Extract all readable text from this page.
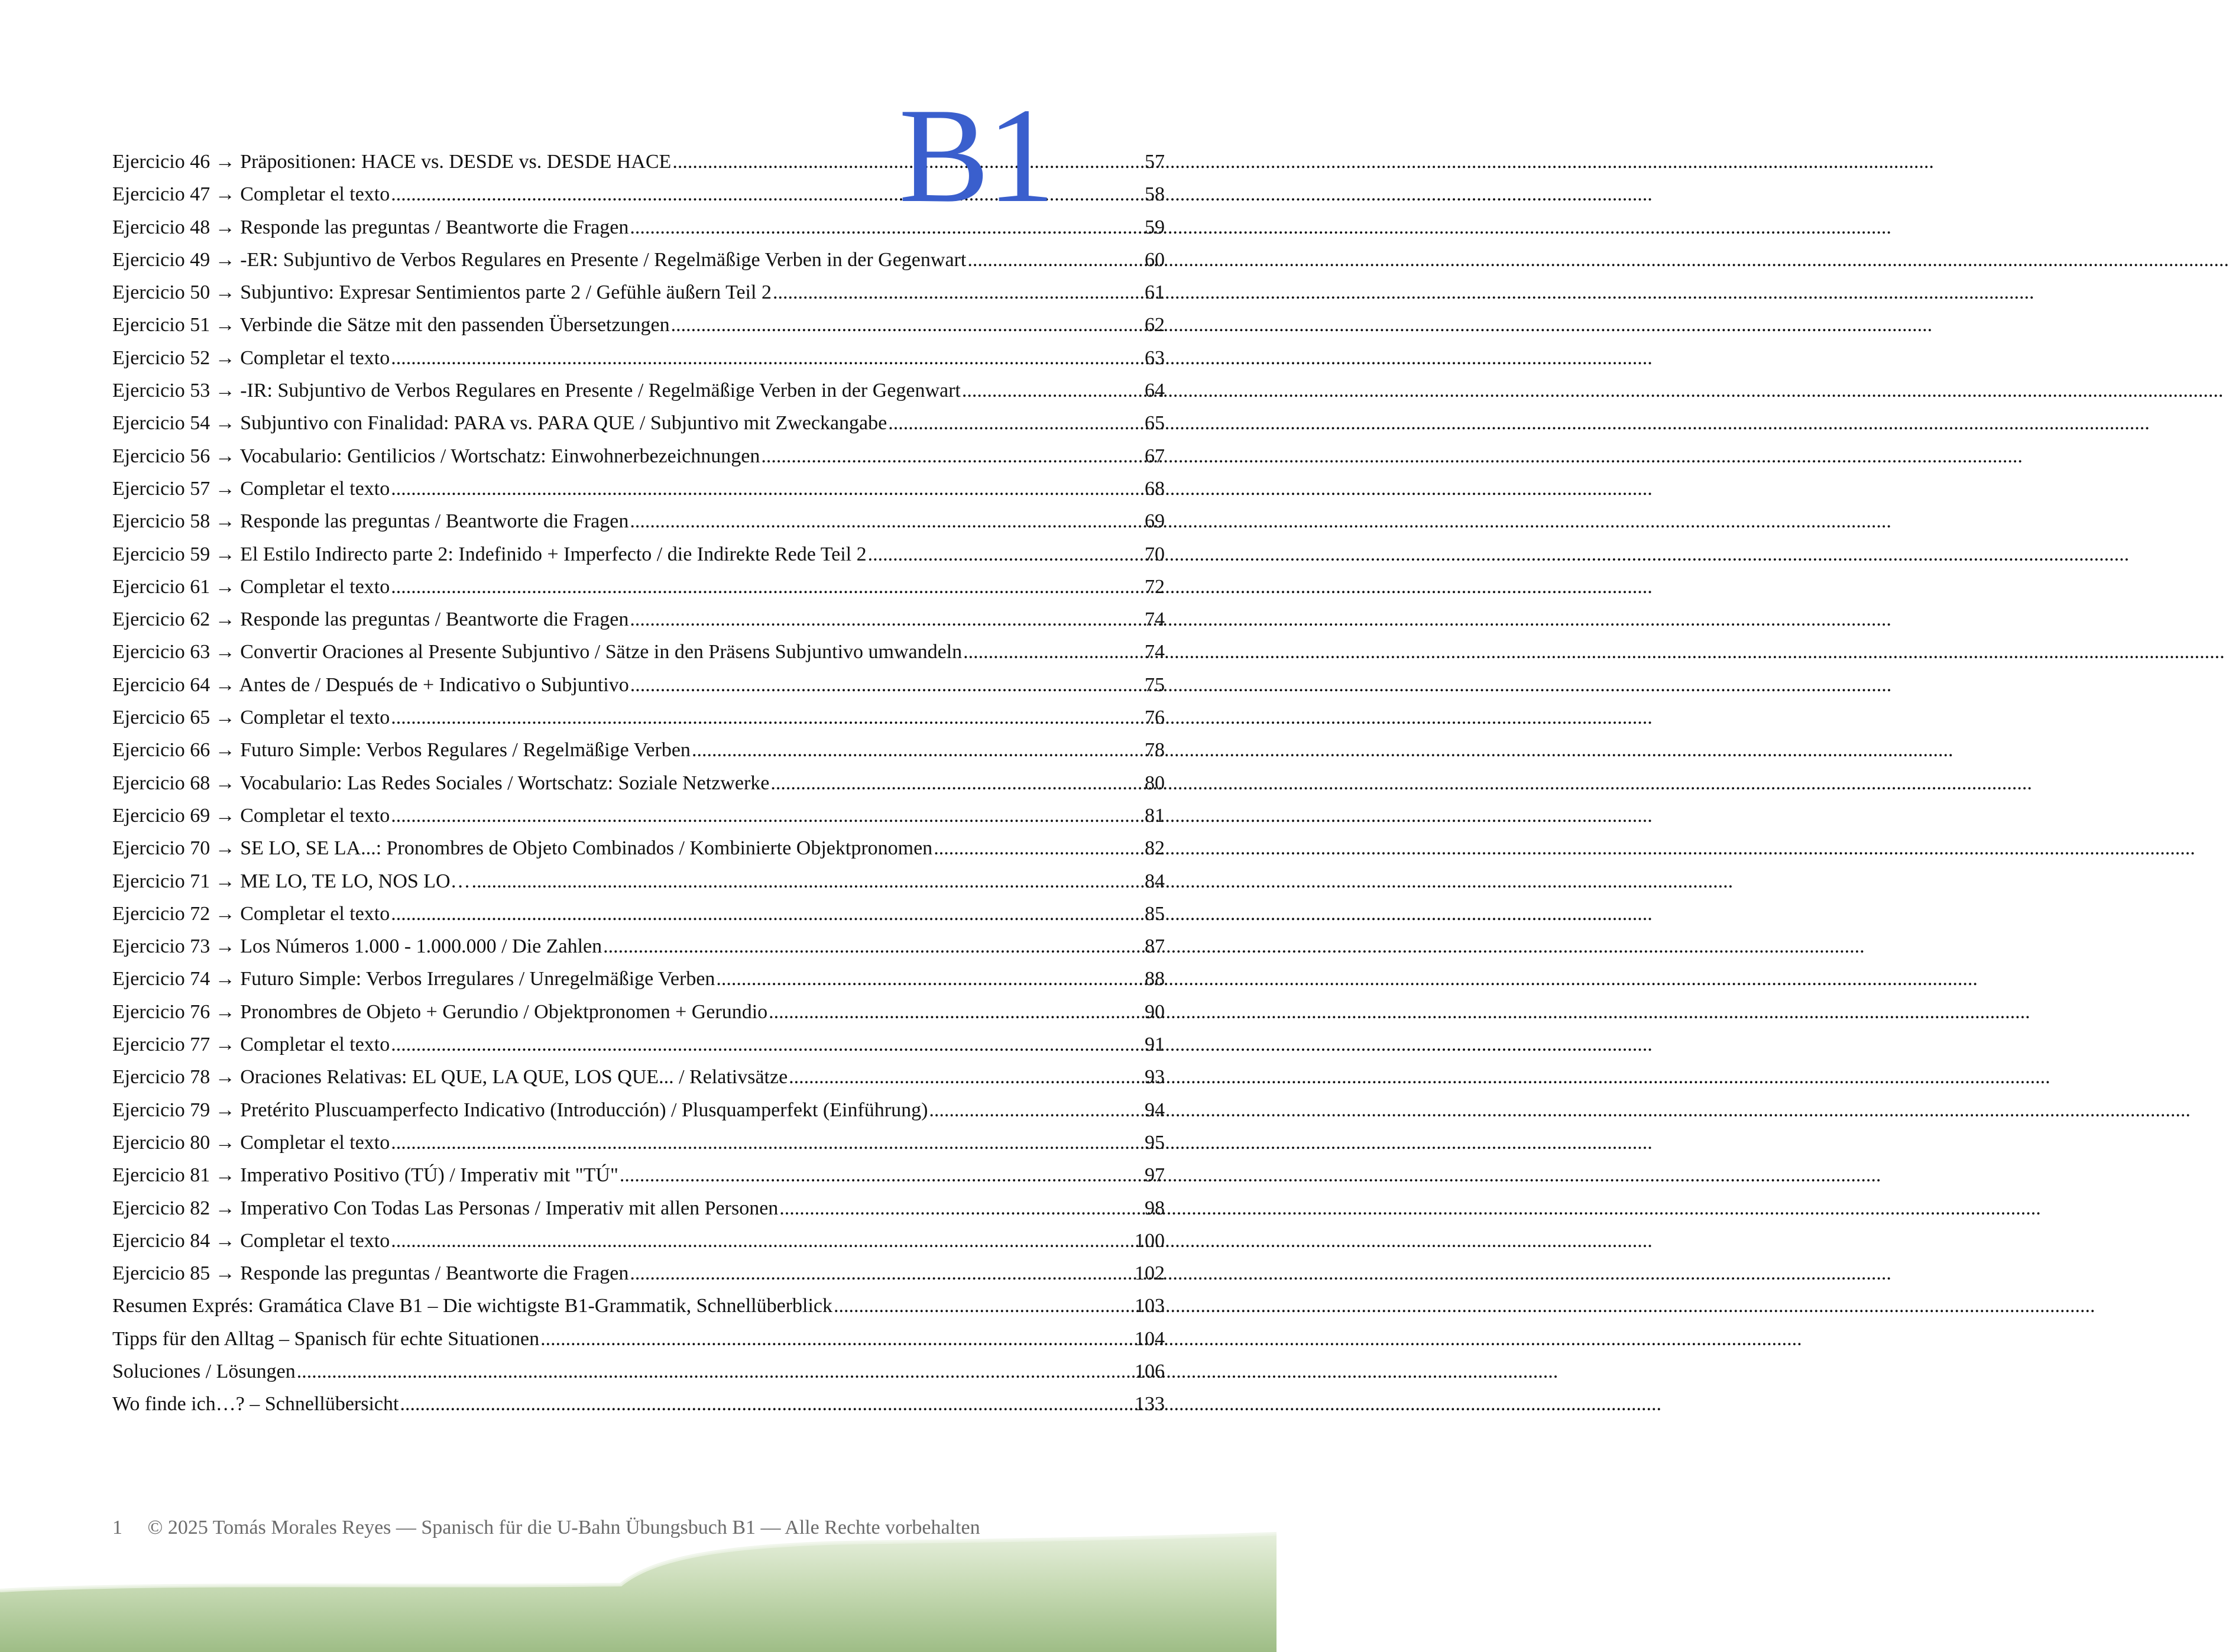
B1
Ejercicio 46 → Präpositionen: HACE vs. DESDE vs. DESDE HACE .....	57
Ejercicio 47 → Completar el texto .....	58
Ejercicio 48 → Responde las preguntas / Beantworte die Fragen .....	59
Ejercicio 49 → -ER: Subjuntivo de Verbos Regulares en Presente / Regelmäßige Verben in der Gegenwart .....	60
Ejercicio 50 → Subjuntivo: Expresar Sentimientos parte 2 / Gefühle äußern Teil 2 .....	61
Ejercicio 51 → Verbinde die Sätze mit den passenden Übersetzungen .....	62
Ejercicio 52 → Completar el texto .....	63
Ejercicio 53 → -IR: Subjuntivo de Verbos Regulares en Presente / Regelmäßige Verben in der Gegenwart .....	64
Ejercicio 54 → Subjuntivo con Finalidad: PARA vs. PARA QUE / Subjuntivo mit Zweckangabe .....	65
Ejercicio 56 → Vocabulario: Gentilicios / Wortschatz: Einwohnerbezeichnungen .....	67
Ejercicio 57 → Completar el texto .....	68
Ejercicio 58 → Responde las preguntas / Beantworte die Fragen .....	69
Ejercicio 59 → El Estilo Indirecto parte 2: Indefinido + Imperfecto / die Indirekte Rede Teil 2 .....	70
Ejercicio 61 → Completar el texto .....	72
Ejercicio 62 → Responde las preguntas / Beantworte die Fragen .....	74
Ejercicio 63 → Convertir Oraciones al Presente Subjuntivo / Sätze in den Präsens Subjuntivo umwandeln .....	74
Ejercicio 64 → Antes de / Después de + Indicativo o Subjuntivo .....	75
Ejercicio 65 → Completar el texto .....	76
Ejercicio 66 → Futuro Simple: Verbos Regulares / Regelmäßige Verben .....	78
Ejercicio 68 → Vocabulario: Las Redes Sociales / Wortschatz: Soziale Netzwerke .....	80
Ejercicio 69 → Completar el texto .....	81
Ejercicio 70 → SE LO, SE LA...: Pronombres de Objeto Combinados / Kombinierte Objektpronomen .....	82
Ejercicio 71 → ME LO, TE LO, NOS LO… .....	84
Ejercicio 72 → Completar el texto .....	85
Ejercicio 73 → Los Números 1.000 - 1.000.000 / Die Zahlen .....	87
Ejercicio 74 → Futuro Simple: Verbos Irregulares / Unregelmäßige Verben .....	88
Ejercicio 76 → Pronombres de Objeto + Gerundio / Objektpronomen + Gerundio .....	90
Ejercicio 77 → Completar el texto .....	91
Ejercicio 78 → Oraciones Relativas: EL QUE, LA QUE, LOS QUE... / Relativsätze .....	93
Ejercicio 79 → Pretérito Pluscuamperfecto Indicativo (Introducción) / Plusquamperfekt (Einführung) .....	94
Ejercicio 80 → Completar el texto .....	95
Ejercicio 81 → Imperativo Positivo (TÚ) / Imperativ mit "TÚ" .....	97
Ejercicio 82 → Imperativo Con Todas Las Personas / Imperativ mit allen Personen .....	98
Ejercicio 84 → Completar el texto .....	100
Ejercicio 85 → Responde las preguntas / Beantworte die Fragen .....	102
Resumen Exprés: Gramática Clave B1 – Die wichtigste B1-Grammatik, Schnellüberblick .....	103
Tipps für den Alltag – Spanisch für echte Situationen .....	104
Soluciones / Lösungen .....	106
Wo finde ich…? – Schnellübersicht .....	133
1 © 2025 Tomás Morales Reyes — Spanisch für die U-Bahn Übungsbuch B1 — Alle Rechte vorbehalten
